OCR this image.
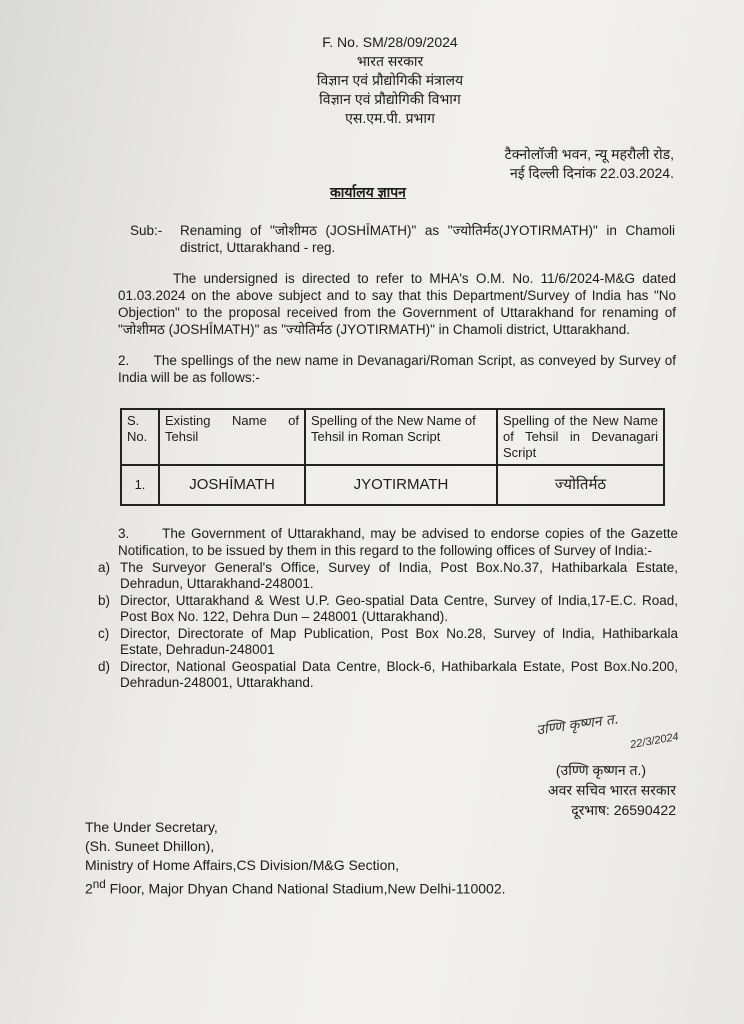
F. No. SM/28/09/2024
भारत सरकार
विज्ञान एवं प्रौद्योगिकी मंत्रालय
विज्ञान एवं प्रौद्योगिकी विभाग
एस.एम.पी. प्रभाग
टैक्नोलॉजी भवन, न्यू महरौली रोड,
नई दिल्ली दिनांक 22.03.2024.
कार्यालय ज्ञापन
Sub:-	Renaming of "जोशीमठ (JOSHĪMATH)" as "ज्योतिर्मठ(JYOTIRMATH)" in Chamoli district, Uttarakhand - reg.

The undersigned is directed to refer to MHA's O.M. No. 11/6/2024-M&G dated 01.03.2024 on the above subject and to say that this Department/Survey of India has "No Objection" to the proposal received from the Government of Uttarakhand for renaming of "जोशीमठ (JOSHĪMATH)" as "ज्योतिर्मठ (JYOTIRMATH)" in Chamoli district, Uttarakhand.

2.      The spellings of the new name in Devanagari/Roman Script, as conveyed by Survey of India will be as follows:-

S. No.	Existing Name of Tehsil	Spelling of the New Name of Tehsil in Roman Script	Spelling of the New Name of Tehsil in Devanagari Script
1.	JOSHĪMATH	JYOTIRMATH	ज्योतिर्मठ

3.      The Government of Uttarakhand, may be advised to endorse copies of the Gazette Notification, to be issued by them in this regard to the following offices of Survey of India:-

a) The Surveyor General's Office, Survey of India, Post Box.No.37, Hathibarkala Estate, Dehradun, Uttarakhand-248001.
b) Director, Uttarakhand & West U.P. Geo-spatial Data Centre, Survey of India,17-E.C. Road, Post Box No. 122, Dehra Dun – 248001 (Uttarakhand).
c) Director, Directorate of Map Publication, Post Box No.28, Survey of India, Hathibarkala Estate, Dehradun-248001
d) Director, National Geospatial Data Centre, Block-6, Hathibarkala Estate, Post Box.No.200, Dehradun-248001, Uttarakhand.
उण्णि कृष्णन त.
22/3/2024
(उण्णि कृष्णन त.)
अवर सचिव भारत सरकार
दूरभाष: 26590422
The Under Secretary,
(Sh. Suneet Dhillon),
Ministry of Home Affairs,CS Division/M&G Section,
2nd Floor, Major Dhyan Chand National Stadium,New Delhi-110002.
